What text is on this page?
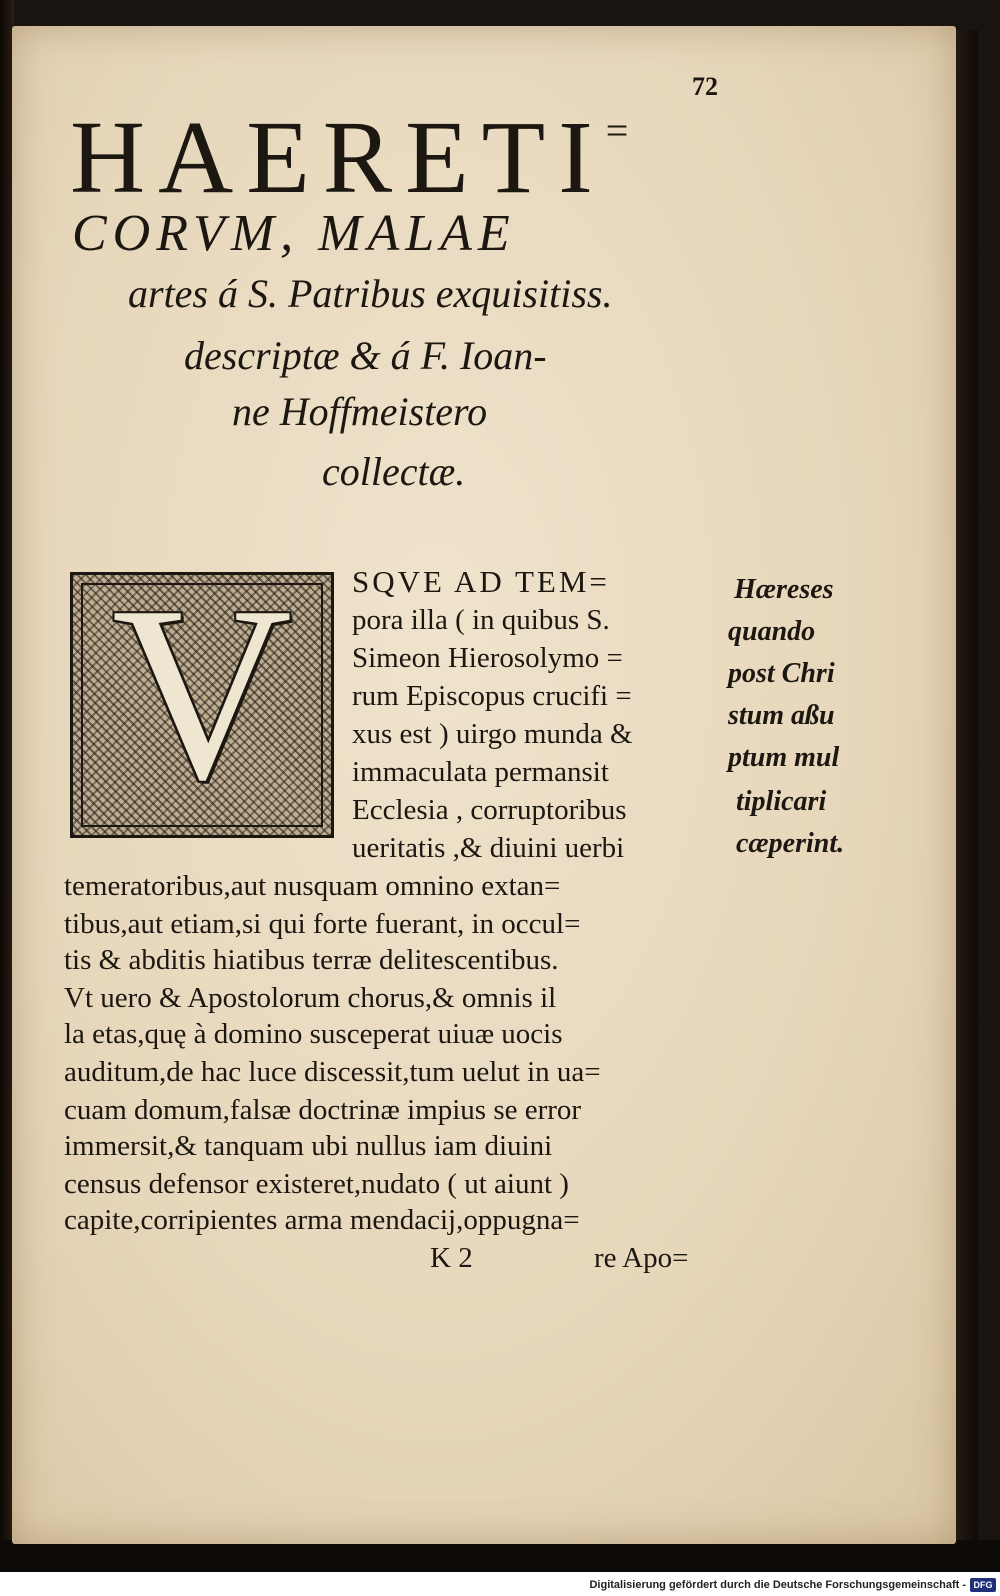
72
HAERETI=
CORVM, MALAE
artes á S. Patribus exquisitiss.
descriptæ & á F. Ioan-
ne Hoffmeistero
collectæ.
V	SQVE AD TEM=
pora illa ( in quibus S.
Simeon Hierosolymo =
rum Episcopus crucifi =
xus est ) uirgo munda &
immaculata permansit
Ecclesia , corruptoribus
ueritatis ,& diuini uerbi
temeratoribus,aut nusquam omnino extan=
tibus,aut etiam,si qui forte fuerant, in occul=
tis & abditis hiatibus terræ delitescentibus.
Vt uero & Apostolorum chorus,& omnis il
la etas,quę à domino susceperat uiuæ uocis
auditum,de hac luce discessit,tum uelut in ua=
cuam domum,falsæ doctrinæ impius se error
immersit,& tanquam ubi nullus iam diuini
census defensor existeret,nudato ( ut aiunt )
capite,corripientes arma mendacij,oppugna=
Hæreses
quando
post Chri
stum aßu
ptum mul
tiplicari
cæperint.
K 2	re Apo=
Digitalisierung gefördert durch die Deutsche Forschungsgemeinschaft - DFG
